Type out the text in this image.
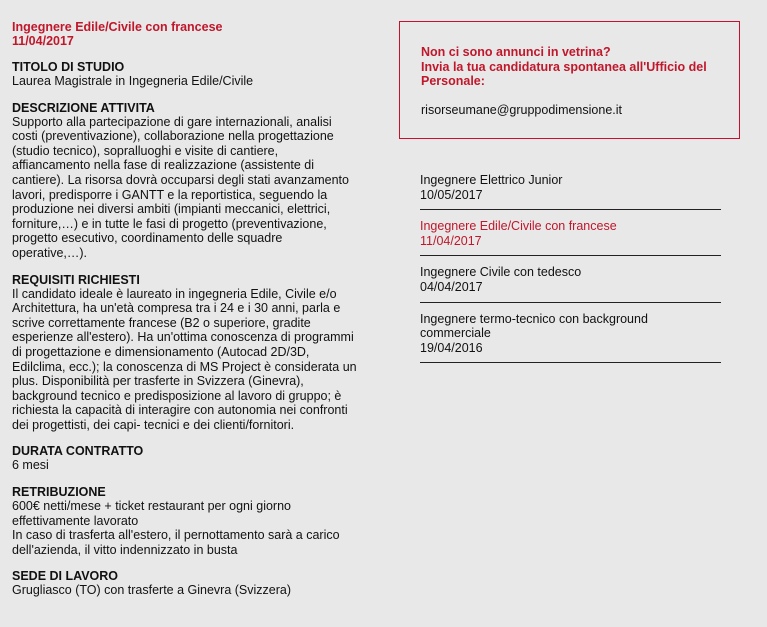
Ingegnere Edile/Civile con francese
11/04/2017
TITOLO DI STUDIO

Laurea Magistrale in Ingegneria Edile/Civile

DESCRIZIONE ATTIVITA

Supporto alla partecipazione di gare internazionali, analisi costi (preventivazione), collaborazione nella progettazione (studio tecnico), sopralluoghi e visite di cantiere, affiancamento nella fase di realizzazione (assistente di cantiere). La risorsa dovrà occuparsi degli stati avanzamento lavori, predisporre i GANTT e la reportistica, seguendo la produzione nei diversi ambiti (impianti meccanici, elettrici, forniture,…) e in tutte le fasi di progetto (preventivazione, progetto esecutivo, coordinamento delle squadre operative,…).

REQUISITI RICHIESTI

Il candidato ideale è laureato in ingegneria Edile, Civile e/o Architettura, ha un'età compresa tra i 24 e i 30 anni, parla e scrive correttamente francese (B2 o superiore, gradite esperienze all'estero). Ha un'ottima conoscenza di programmi di progettazione e dimensionamento (Autocad 2D/3D, Edilclima, ecc.); la conoscenza di MS Project è considerata un plus. Disponibilità per trasferte in Svizzera (Ginevra), background tecnico e predisposizione al lavoro di gruppo; è richiesta la capacità di interagire con autonomia nei confronti dei progettisti, dei capi- tecnici e dei clienti/fornitori.

DURATA CONTRATTO

6 mesi

RETRIBUZIONE

600€ netti/mese + ticket restaurant per ogni giorno effettivamente lavorato
In caso di trasferta all'estero, il pernottamento sarà a carico dell'azienda, il vitto indennizzato in busta

SEDE DI LAVORO

Grugliasco (TO) con trasferte a Ginevra (Svizzera)

Non ci sono annunci in vetrina?
Invia la tua candidatura spontanea all'Ufficio del Personale:
risorseumane@gruppodimensione.it
Ingegnere Elettrico Junior
10/05/2017
Ingegnere Edile/Civile con francese
11/04/2017
Ingegnere Civile con tedesco
04/04/2017
Ingegnere termo-tecnico con background commerciale
19/04/2016
